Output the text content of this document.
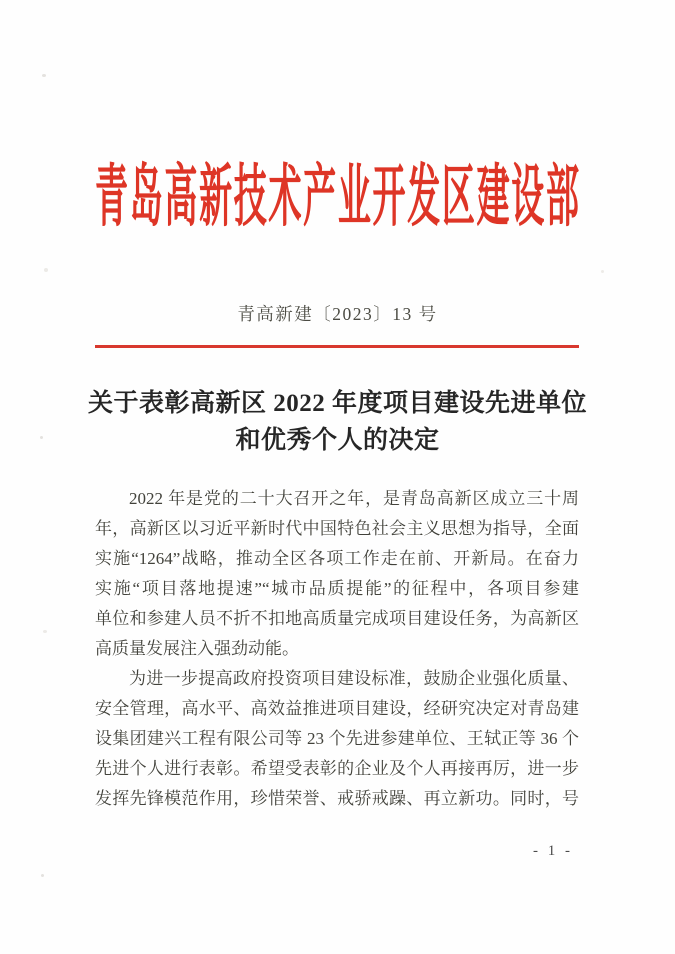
青岛高新技术产业开发区建设部
青高新建〔2023〕13 号
关于表彰高新区 2022 年度项目建设先进单位
和优秀个人的决定
2022 年是党的二十大召开之年，是青岛高新区成立三十周
年，高新区以习近平新时代中国特色社会主义思想为指导，全面
实施“1264”战略，推动全区各项工作走在前、开新局。在奋力
实施“项目落地提速”“城市品质提能”的征程中，各项目参建
单位和参建人员不折不扣地高质量完成项目建设任务，为高新区
高质量发展注入强劲动能。
为进一步提高政府投资项目建设标准，鼓励企业强化质量、
安全管理，高水平、高效益推进项目建设，经研究决定对青岛建
设集团建兴工程有限公司等 23 个先进参建单位、王轼正等 36 个
先进个人进行表彰。希望受表彰的企业及个人再接再厉，进一步
发挥先锋模范作用，珍惜荣誉、戒骄戒躁、再立新功。同时，号
- 1 -
